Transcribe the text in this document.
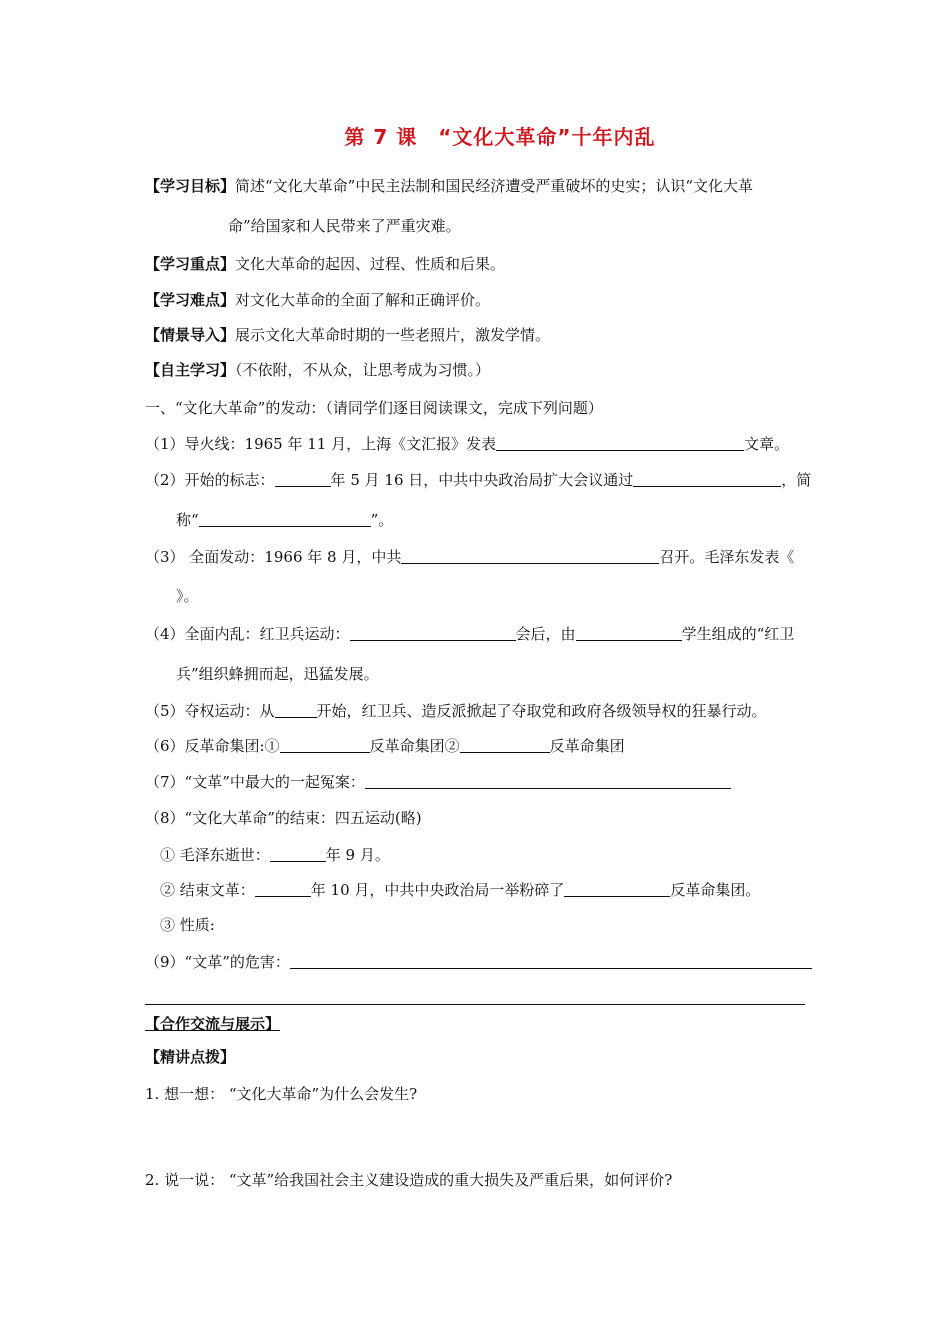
第 7 课　“文化大革命”十年内乱
【学习目标】简述“文化大革命”中民主法制和国民经济遭受严重破坏的史实；认识“文化大革
命”给国家和人民带来了严重灾难。
【学习重点】文化大革命的起因、过程、性质和后果。
【学习难点】对文化大革命的全面了解和正确评价。
【情景导入】展示文化大革命时期的一些老照片，激发学情。
【自主学习】（不依附，不从众，让思考成为习惯。）
一、“文化大革命”的发动：（请同学们逐目阅读课文，完成下列问题）
（1）导火线：1965 年 11 月，上海《文汇报》发表	文章。
（2）开始的标志：	年 5 月 16 日，中共中央政治局扩大会议通过	，简
称“	”。
（3） 全面发动：1966 年 8 月，中共	召开。毛泽东发表《
》。
（4）全面内乱：红卫兵运动：	会后，由	学生组成的“红卫
兵”组织蜂拥而起，迅猛发展。
（5）夺权运动：从	开始，红卫兵、造反派掀起了夺取党和政府各级领导权的狂暴行动。
（6）反革命集团:①	反革命集团②	反革命集团
（7）“文革”中最大的一起冤案：
（8）“文化大革命”的结束：四五运动(略)
① 毛泽东逝世：	年 9 月。
② 结束文革：	年 10 月，中共中央政治局一举粉碎了	反革命集团。
③ 性质:
（9）“文革”的危害：
【合作交流与展示】
【精讲点拨】
1. 想一想： “文化大革命”为什么会发生?
2. 说一说： “文革”给我国社会主义建设造成的重大损失及严重后果，如何评价?
